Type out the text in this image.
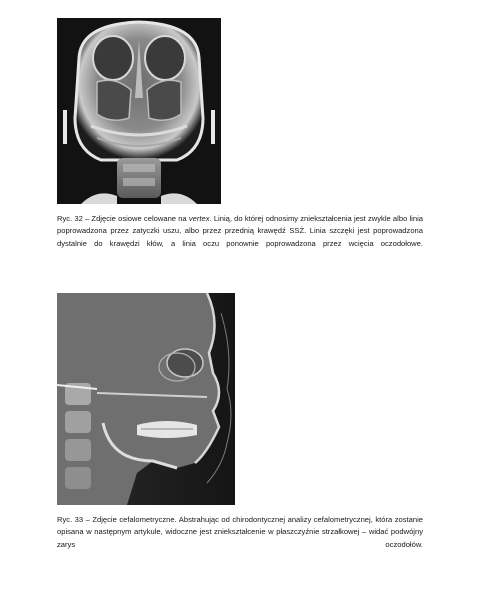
Ryc. 32 – Zdjęcie osiowe celowane na vertex. Linią, do której odnosimy zniekształcenia jest zwykle albo linia poprowadzona przez zatyczki uszu, albo przez przednią krawędź SSŻ. Linia szczęki jest poprowadzona dystalnie do krawędzi kłów, a linia oczu ponownie poprowadzona przez wcięcia oczodołowe.

Ryc. 33 – Zdjęcie cefalometryczne. Abstrahując od chirodontycznej analizy cefalometrycznej, która zostanie opisana w następnym artykule, widoczne jest zniekształcenie w płaszczyźnie strzałkowej – widać podwójny zarys oczodołów.
